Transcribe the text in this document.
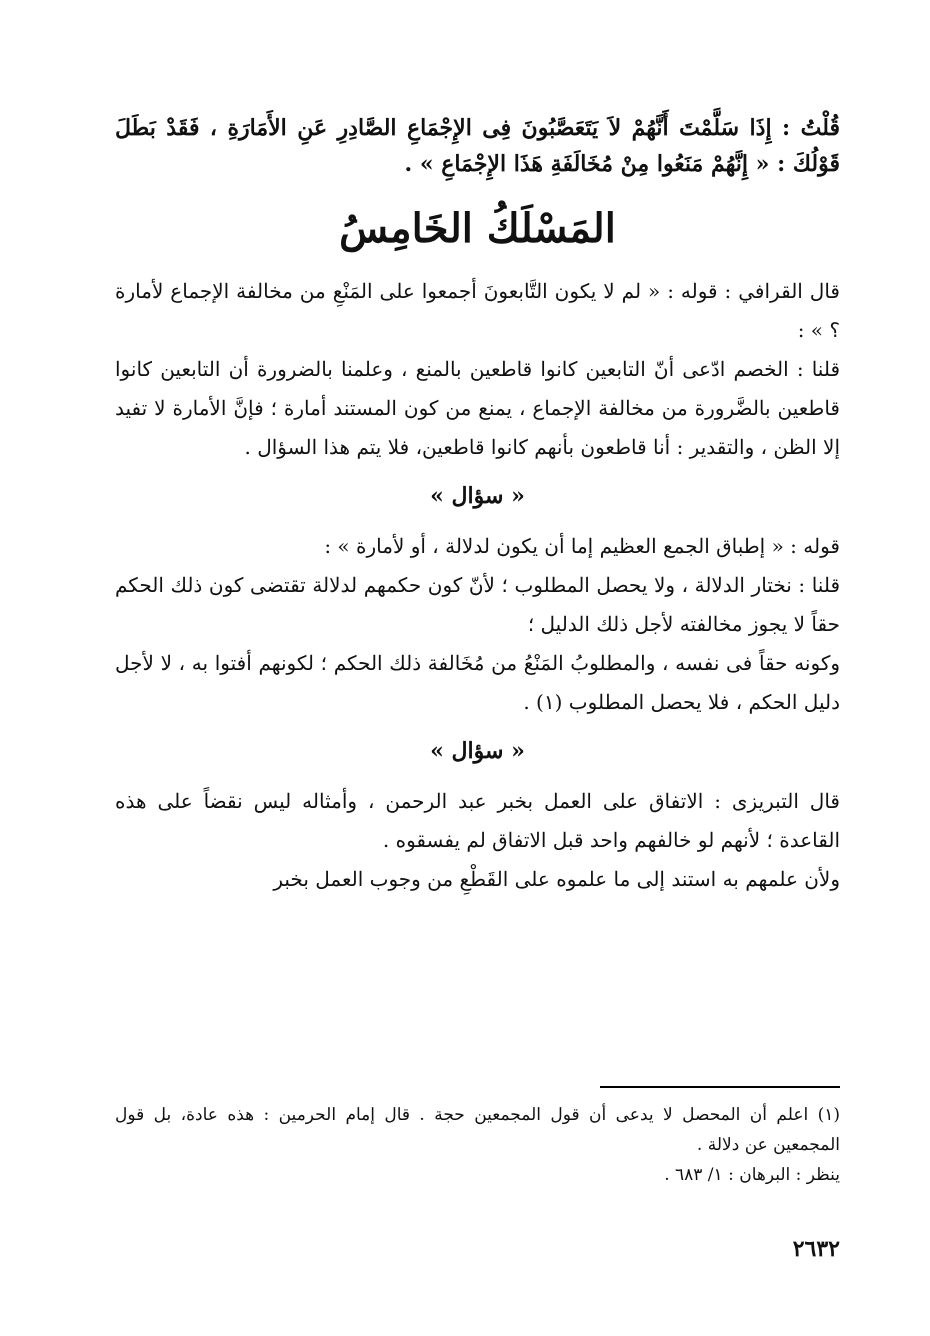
قُلْتُ : إِذَا سَلَّمْتَ أَنَّهُمْ لاَ يَتَعَصَّبُونَ فِى الإِجْمَاعِ الصَّادِرِ عَنِ الأَمَارَةِ ، فَقَدْ بَطَلَ قَوْلُكَ : « إِنَّهُمْ مَنَعُوا مِنْ مُخَالَفَةِ هَذَا الإِجْمَاعِ » .

المَسْلَكُ الخَامِسُ

قال القرافي : قوله : « لم لا يكون التَّابعونَ أجمعوا على المَنْعِ من مخالفة الإجماع لأمارة ؟ » :

قلنا : الخصم ادّعى أنّ التابعين كانوا قاطعين بالمنع ، وعلمنا بالضرورة أن التابعين كانوا قاطعين بالضَّرورة من مخالفة الإجماع ، يمنع من كون المستند أمارة ؛ فإنَّ الأمارة لا تفيد إلا الظن ، والتقدير : أنا قاطعون بأنهم كانوا قاطعين، فلا يتم هذا السؤال .

« سؤال »

قوله : « إطباق الجمع العظيم إما أن يكون لدلالة ، أو لأمارة » :

قلنا : نختار الدلالة ، ولا يحصل المطلوب ؛ لأنّ كون حكمهم لدلالة تقتضى كون ذلك الحكم حقاً لا يجوز مخالفته لأجل ذلك الدليل ؛

وكونه حقاً فى نفسه ، والمطلوبُ المَنْعُ من مُخَالفة ذلك الحكم ؛ لكونهم أفتوا به ، لا لأجل دليل الحكم ، فلا يحصل المطلوب (١) .

« سؤال »

قال التبريزى : الاتفاق على العمل بخبر عبد الرحمن ، وأمثاله ليس نقضاً على هذه القاعدة ؛ لأنهم لو خالفهم واحد قبل الاتفاق لم يفسقوه .

ولأن علمهم به استند إلى ما علموه على القَطْعِ من وجوب العمل بخبر

(١) اعلم أن المحصل لا يدعى أن قول المجمعين حجة . قال إمام الحرمين : هذه عادة، بل قول المجمعين عن دلالة .

ينظر : البرهان : ١/ ٦٨٣ .

٢٦٣٢
